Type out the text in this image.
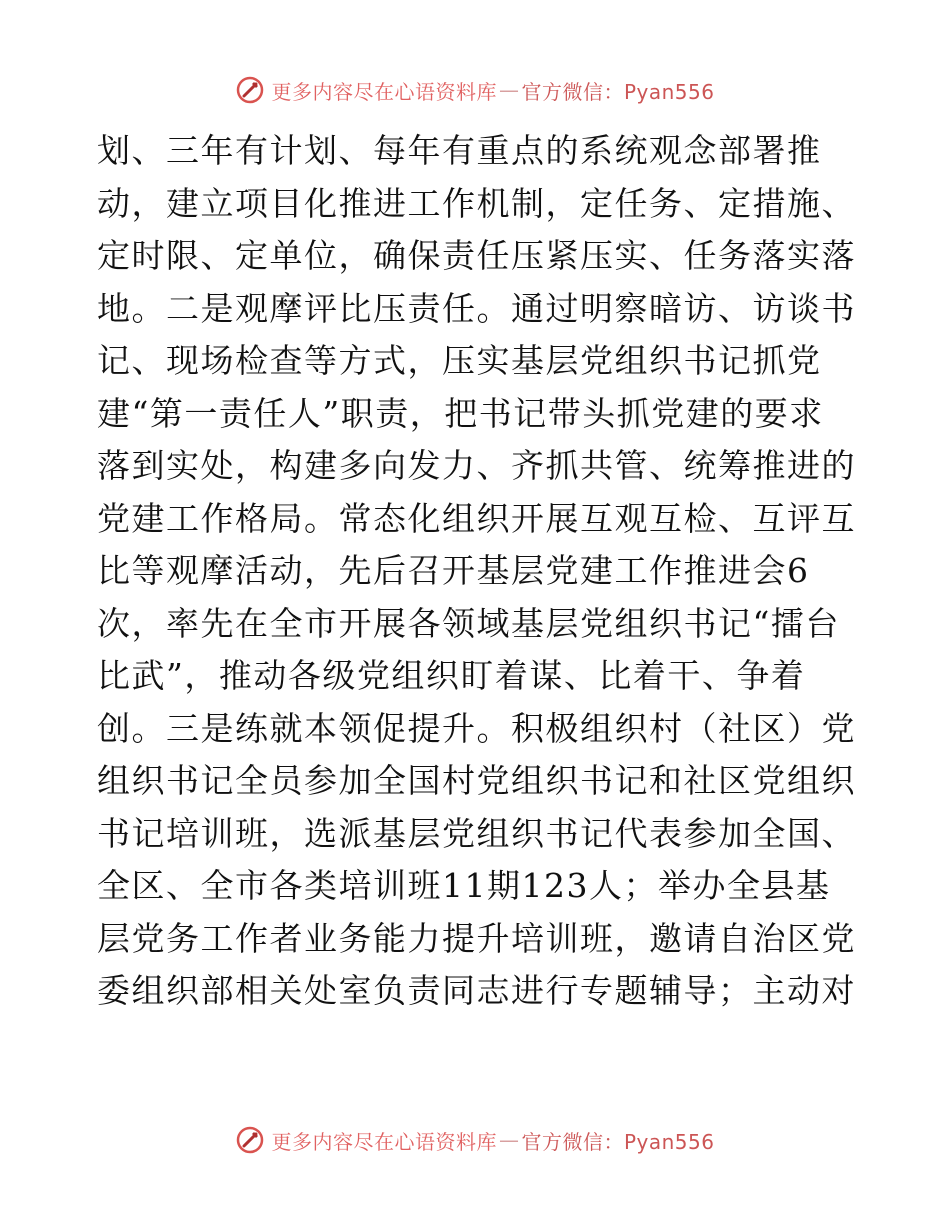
更多内容尽在心语资料库 — 官方微信：Pyan556
划、三年有计划、每年有重点的系统观念部署推
动，建立项目化推进工作机制，定任务、定措施、
定时限、定单位，确保责任压紧压实、任务落实落
地。二是观摩评比压责任。通过明察暗访、访谈书
记、现场检查等方式，压实基层党组织书记抓党
建“第一责任人”职责，把书记带头抓党建的要求
落到实处，构建多向发力、齐抓共管、统筹推进的
党建工作格局。常态化组织开展互观互检、互评互
比等观摩活动，先后召开基层党建工作推进会6
次，率先在全市开展各领域基层党组织书记“擂台
比武”，推动各级党组织盯着谋、比着干、争着
创。三是练就本领促提升。积极组织村（社区）党
组织书记全员参加全国村党组织书记和社区党组织
书记培训班，选派基层党组织书记代表参加全国、
全区、全市各类培训班11期123人；举办全县基
层党务工作者业务能力提升培训班，邀请自治区党
委组织部相关处室负责同志进行专题辅导；主动对
更多内容尽在心语资料库 — 官方微信：Pyan556
